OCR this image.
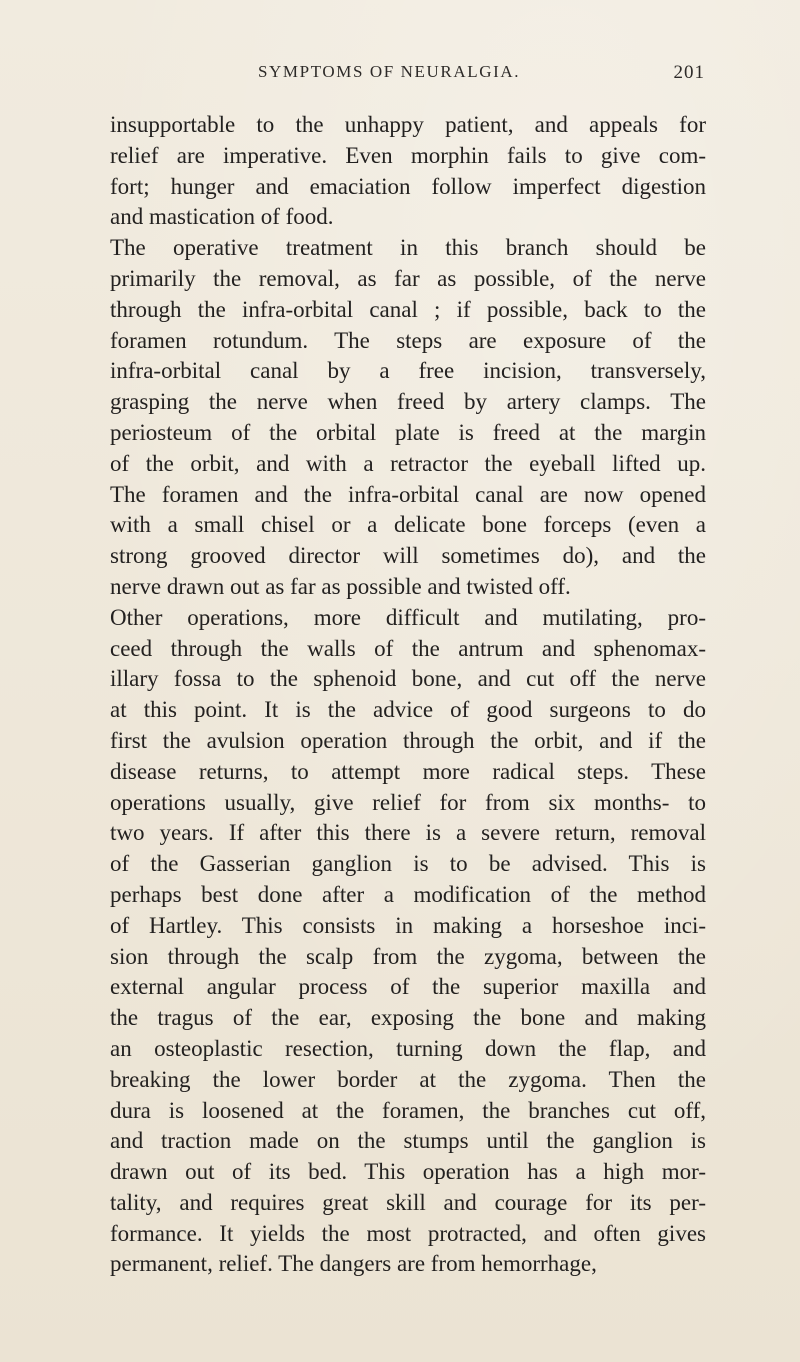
SYMPTOMS OF NEURALGIA.	201
insupportable to the unhappy patient, and appeals for
relief are imperative. Even morphin fails to give com-
fort; hunger and emaciation follow imperfect digestion
and mastication of food.
The operative treatment in this branch should be
primarily the removal, as far as possible, of the nerve
through the infra-orbital canal ; if possible, back to the
foramen rotundum. The steps are exposure of the
infra-orbital canal by a free incision, transversely,
grasping the nerve when freed by artery clamps. The
periosteum of the orbital plate is freed at the margin
of the orbit, and with a retractor the eyeball lifted up.
The foramen and the infra-orbital canal are now opened
with a small chisel or a delicate bone forceps (even a
strong grooved director will sometimes do), and the
nerve drawn out as far as possible and twisted off.
Other operations, more difficult and mutilating, pro-
ceed through the walls of the antrum and sphenomax-
illary fossa to the sphenoid bone, and cut off the nerve
at this point. It is the advice of good surgeons to do
first the avulsion operation through the orbit, and if the
disease returns, to attempt more radical steps. These
operations usually, give relief for from six months- to
two years. If after this there is a severe return, removal
of the Gasserian ganglion is to be advised. This is
perhaps best done after a modification of the method
of Hartley. This consists in making a horseshoe inci-
sion through the scalp from the zygoma, between the
external angular process of the superior maxilla and
the tragus of the ear, exposing the bone and making
an osteoplastic resection, turning down the flap, and
breaking the lower border at the zygoma. Then the
dura is loosened at the foramen, the branches cut off,
and traction made on the stumps until the ganglion is
drawn out of its bed. This operation has a high mor-
tality, and requires great skill and courage for its per-
formance. It yields the most protracted, and often gives
permanent, relief. The dangers are from hemorrhage,
